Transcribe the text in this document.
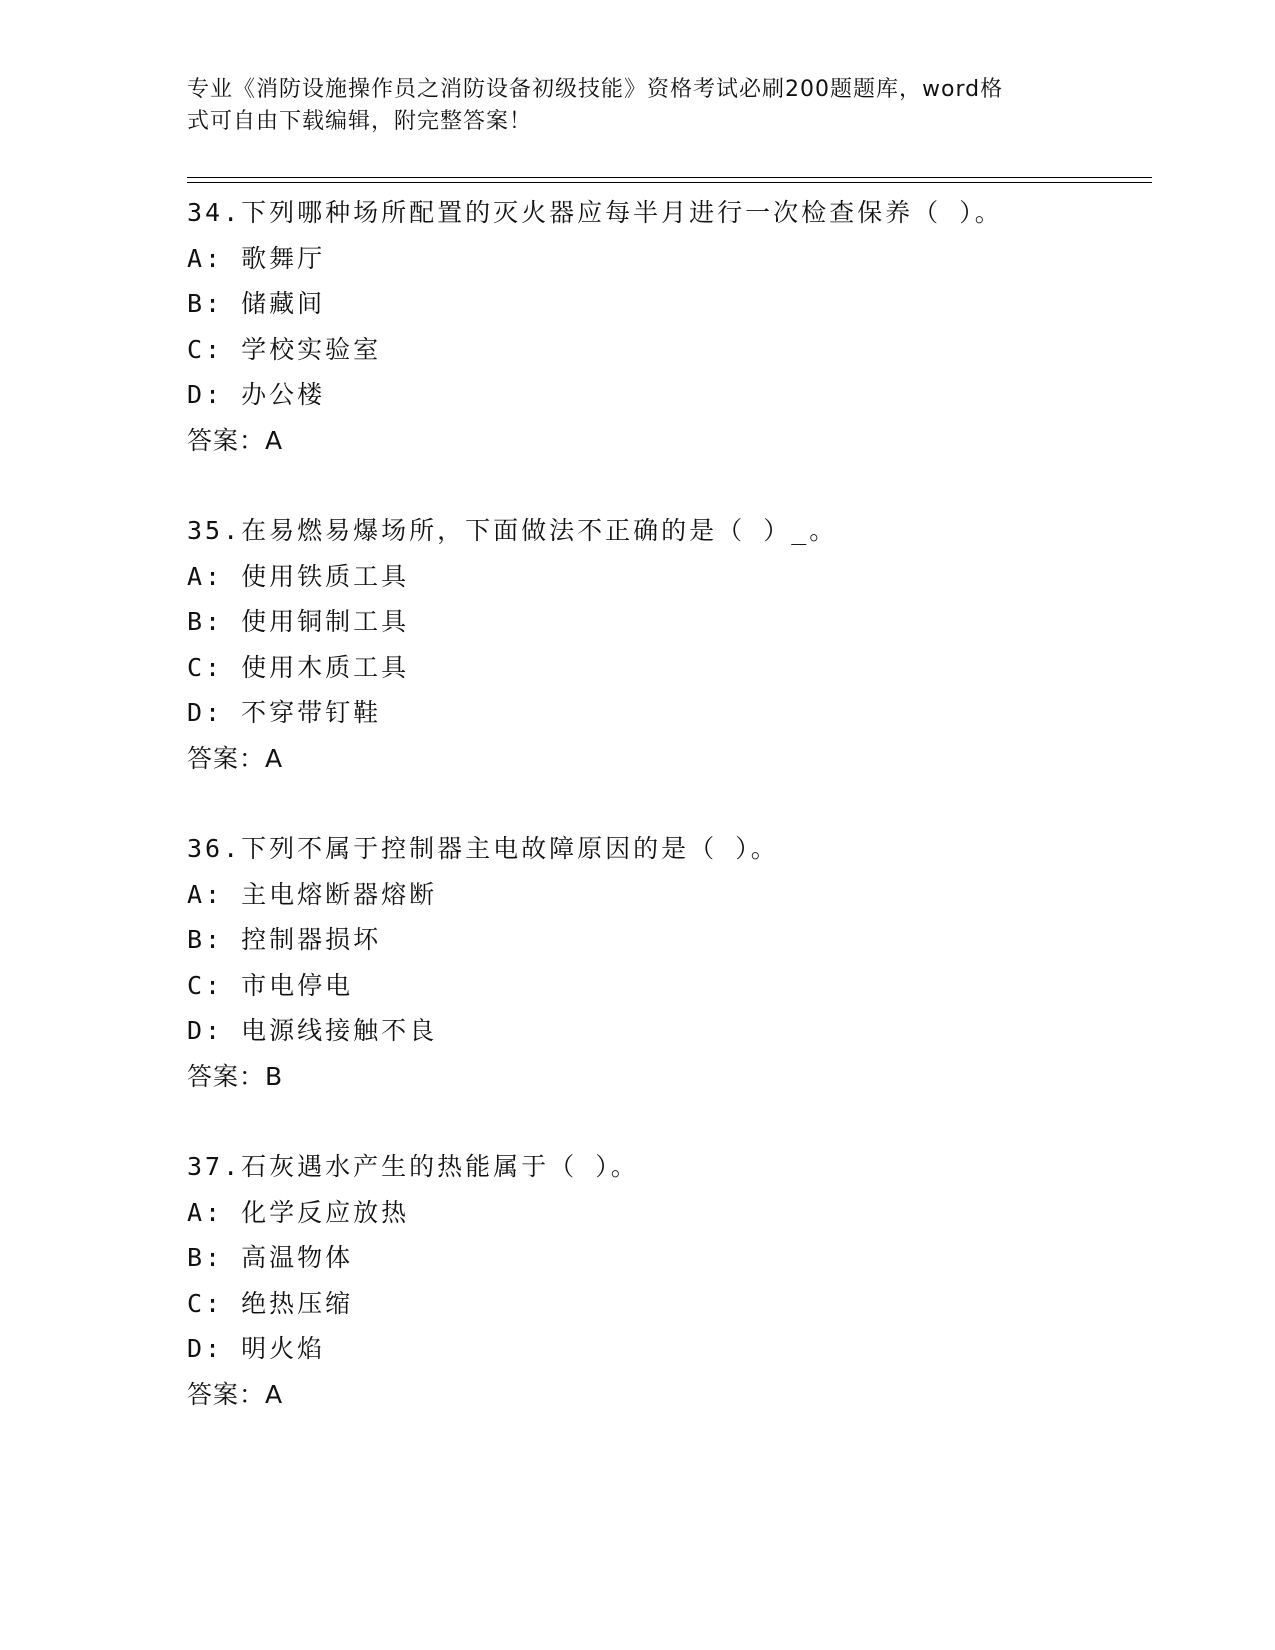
专业《消防设施操作员之消防设备初级技能》资格考试必刷200题题库，word格
式可自由下载编辑，附完整答案！
34.下列哪种场所配置的灭火器应每半月进行一次检查保养（ ）。
A: 歌舞厅
B: 储藏间
C: 学校实验室
D: 办公楼
答案：A
35.在易燃易爆场所，下面做法不正确的是（ ）_。
A: 使用铁质工具
B: 使用铜制工具
C: 使用木质工具
D: 不穿带钉鞋
答案：A
36.下列不属于控制器主电故障原因的是（ ）。
A: 主电熔断器熔断
B: 控制器损坏
C: 市电停电
D: 电源线接触不良
答案：B
37.石灰遇水产生的热能属于（ ）。
A: 化学反应放热
B: 高温物体
C: 绝热压缩
D: 明火焰
答案：A
